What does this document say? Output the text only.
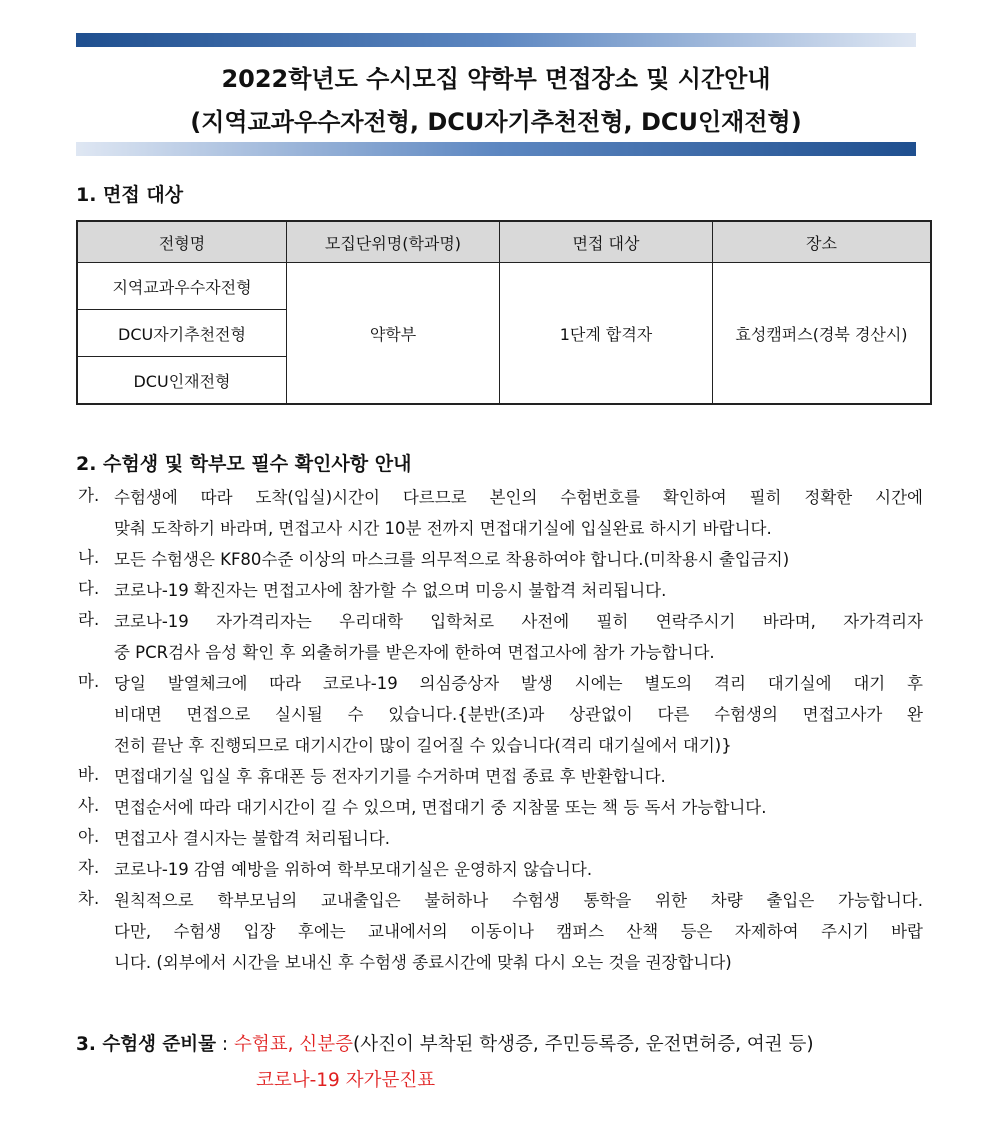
2022학년도 수시모집 약학부 면접장소 및 시간안내
(지역교과우수자전형, DCU자기추천전형, DCU인재전형)
1. 면접 대상
전형명	모집단위명(학과명)	면접 대상	장소
지역교과우수자전형	약학부	1단계 합격자	효성캠퍼스(경북 경산시)
DCU자기추천전형			
DCU인재전형			
2. 수험생 및 학부모 필수 확인사항 안내
가. 수험생에 따라 도착(입실)시간이 다르므로 본인의 수험번호를 확인하여 필히 정확한 시간에
맞춰 도착하기 바라며, 면접고사 시간 10분 전까지 면접대기실에 입실완료 하시기 바랍니다.
나. 모든 수험생은 KF80수준 이상의 마스크를 의무적으로 착용하여야 합니다.(미착용시 출입금지)
다. 코로나-19 확진자는 면접고사에 참가할 수 없으며 미응시 불합격 처리됩니다.
라. 코로나-19 자가격리자는 우리대학 입학처로 사전에 필히 연락주시기 바라며, 자가격리자
중 PCR검사 음성 확인 후 외출허가를 받은자에 한하여 면접고사에 참가 가능합니다.
마. 당일 발열체크에 따라 코로나-19 의심증상자 발생 시에는 별도의 격리 대기실에 대기 후
비대면 면접으로 실시될 수 있습니다.{분반(조)과 상관없이 다른 수험생의 면접고사가 완
전히 끝난 후 진행되므로 대기시간이 많이 길어질 수 있습니다(격리 대기실에서 대기)}
바. 면접대기실 입실 후 휴대폰 등 전자기기를 수거하며 면접 종료 후 반환합니다.
사. 면접순서에 따라 대기시간이 길 수 있으며, 면접대기 중 지참물 또는 책 등 독서 가능합니다.
아. 면접고사 결시자는 불합격 처리됩니다.
자. 코로나-19 감염 예방을 위하여 학부모대기실은 운영하지 않습니다.
차. 원칙적으로 학부모님의 교내출입은 불허하나 수험생 통학을 위한 차량 출입은 가능합니다.
다만, 수험생 입장 후에는 교내에서의 이동이나 캠퍼스 산책 등은 자제하여 주시기 바랍
니다. (외부에서 시간을 보내신 후 수험생 종료시간에 맞춰 다시 오는 것을 권장합니다)
3. 수험생 준비물 : 수험표, 신분증(사진이 부착된 학생증, 주민등록증, 운전면허증, 여권 등)
코로나-19 자가문진표
